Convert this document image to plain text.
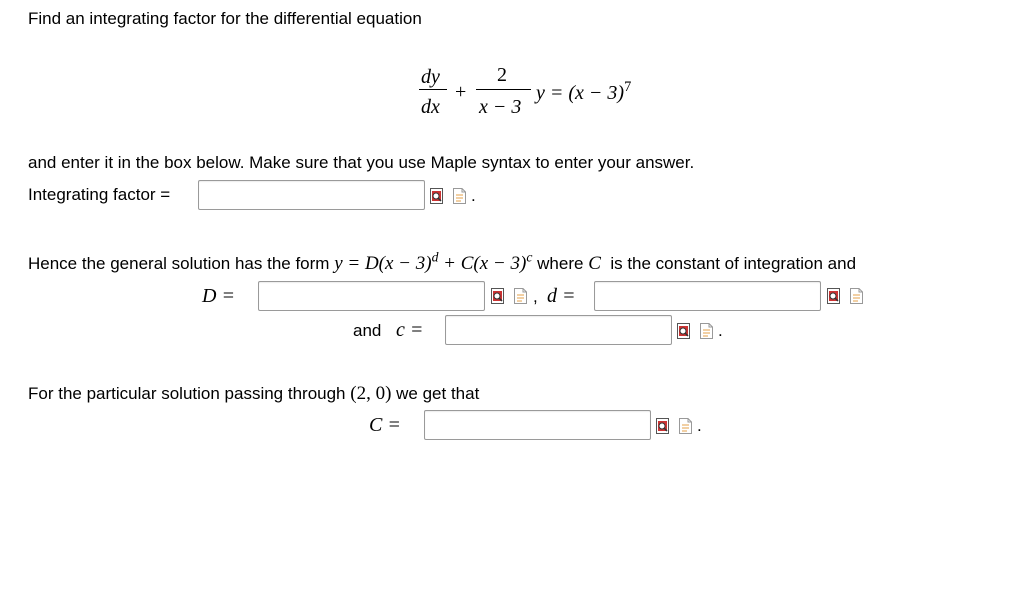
Find an integrating factor for the differential equation
dy
dx
+
2
x − 3
$y = (x - 3)^7$
and enter it in the box below. Make sure that you use Maple syntax to enter your answer.
Integrating factor =	.
Hence the general solution has the form $y = D(x - 3)^d + C(x - 3)^c$ where C is the constant of integration and
D =	, d =
and c =	.
For the particular solution passing through (2, 0) we get that
C =	.
